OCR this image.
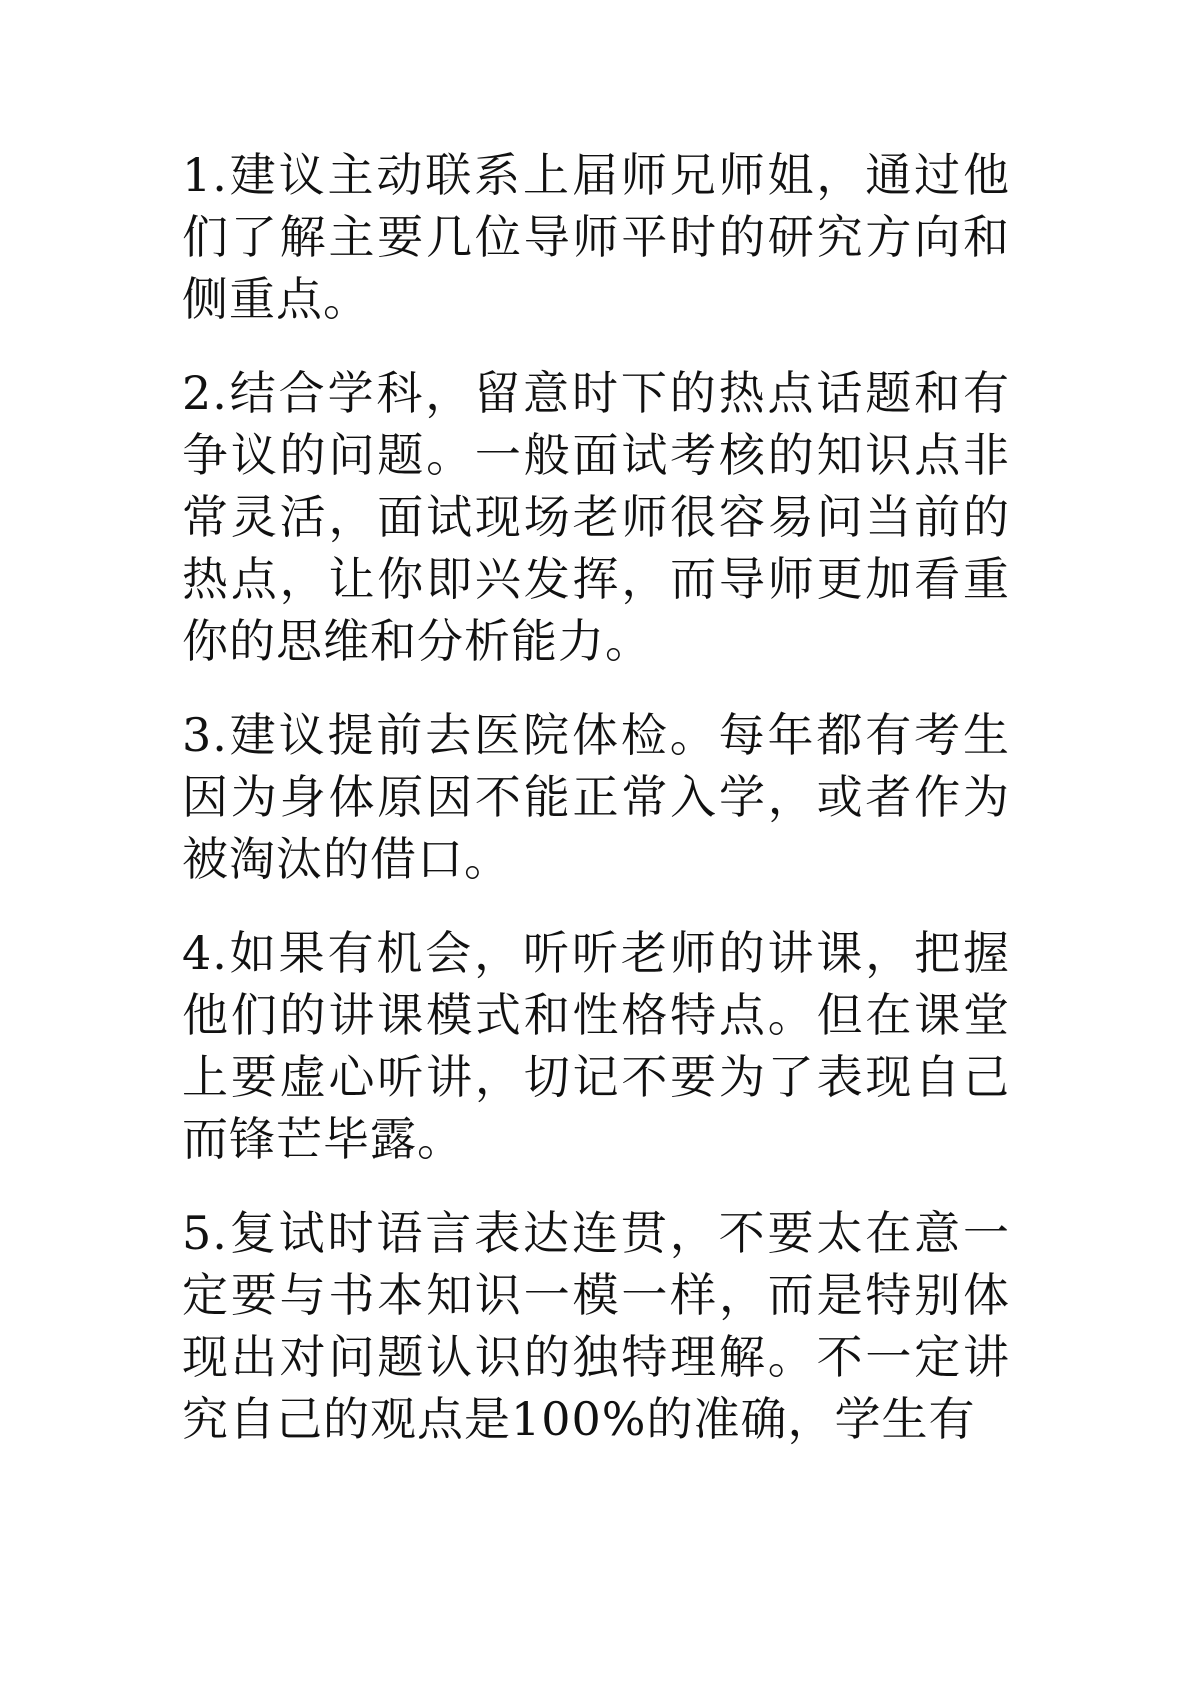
1.建议主动联系上届师兄师姐，通过他们了解主要几位导师平时的研究方向和侧重点。

2.结合学科，留意时下的热点话题和有争议的问题。一般面试考核的知识点非常灵活，面试现场老师很容易问当前的热点，让你即兴发挥，而导师更加看重你的思维和分析能力。

3.建议提前去医院体检。每年都有考生因为身体原因不能正常入学，或者作为被淘汰的借口。

4.如果有机会，听听老师的讲课，把握他们的讲课模式和性格特点。但在课堂上要虚心听讲，切记不要为了表现自己而锋芒毕露。

5.复试时语言表达连贯，不要太在意一定要与书本知识一模一样，而是特别体现出对问题认识的独特理解。不一定讲究自己的观点是100%的准确，学生有
